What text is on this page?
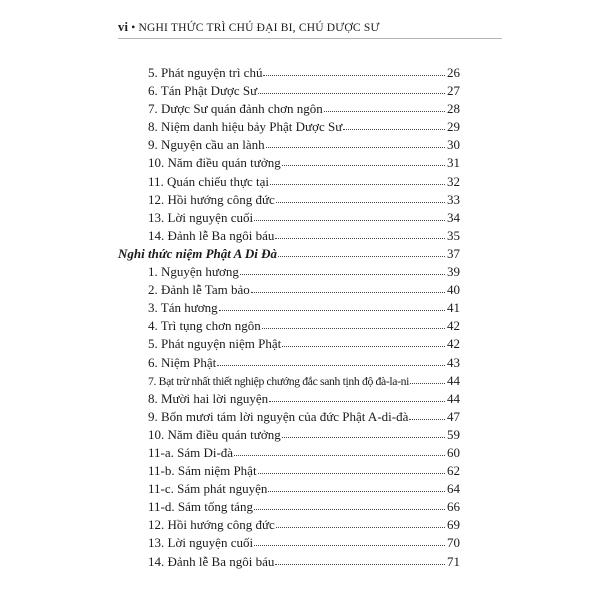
vi • NGHI THỨC TRÌ CHÚ ĐẠI BI, CHÚ DƯỢC SƯ
5. Phát nguyện trì chú	26
6. Tán Phật Dược Sư	27
7. Dược Sư quán đảnh chơn ngôn	28
8. Niệm danh hiệu bảy Phật Dược Sư	29
9. Nguyện cầu an lành	30
10. Năm điều quán tưởng	31
11. Quán chiếu thực tại	32
12. Hồi hướng công đức	33
13. Lời nguyện cuối	34
14. Đảnh lễ Ba ngôi báu	35
Nghi thức niệm Phật A Di Đà	37
1. Nguyện hương	39
2. Đảnh lễ Tam bảo	40
3. Tán hương	41
4. Trì tụng chơn ngôn	42
5. Phát nguyện niệm Phật	42
6. Niệm Phật	43
7. Bạt trừ nhất thiết nghiệp chướng đắc sanh tịnh độ đà-la-ni	44
8. Mười hai lời nguyện	44
9. Bốn mươi tám lời nguyện của đức Phật A-di-đà	47
10. Năm điều quán tưởng	59
11-a. Sám Di-đà	60
11-b. Sám niệm Phật	62
11-c. Sám phát nguyện	64
11-d. Sám tống táng	66
12. Hồi hướng công đức	69
13. Lời nguyện cuối	70
14. Đảnh lễ Ba ngôi báu	71
